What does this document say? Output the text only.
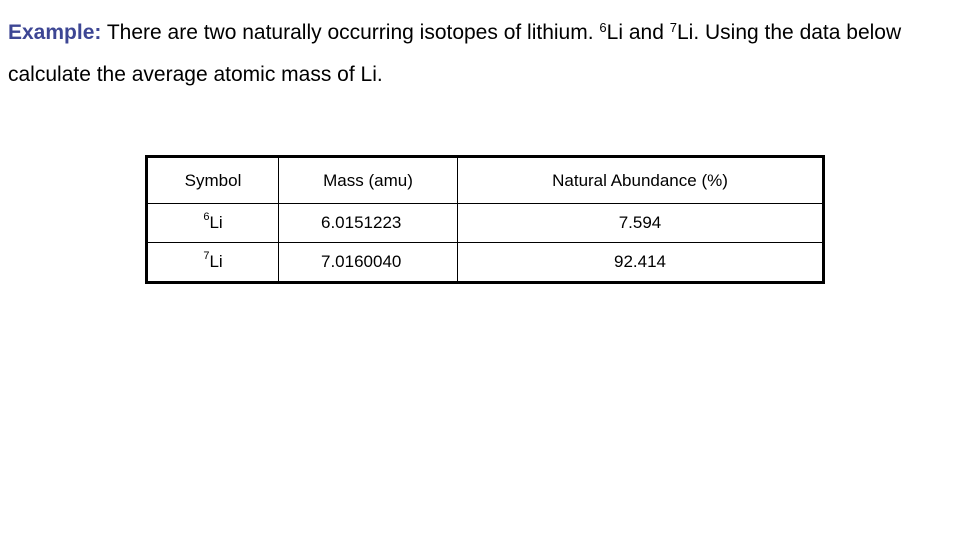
Example: There are two naturally occurring isotopes of lithium. $^6$Li and $^7$Li. Using the data below calculate the average atomic mass of Li.
Symbol	Mass (amu)	Natural Abundance (%)
$^6$Li	6.0151223	7.594
$^7$Li	7.0160040	92.414
